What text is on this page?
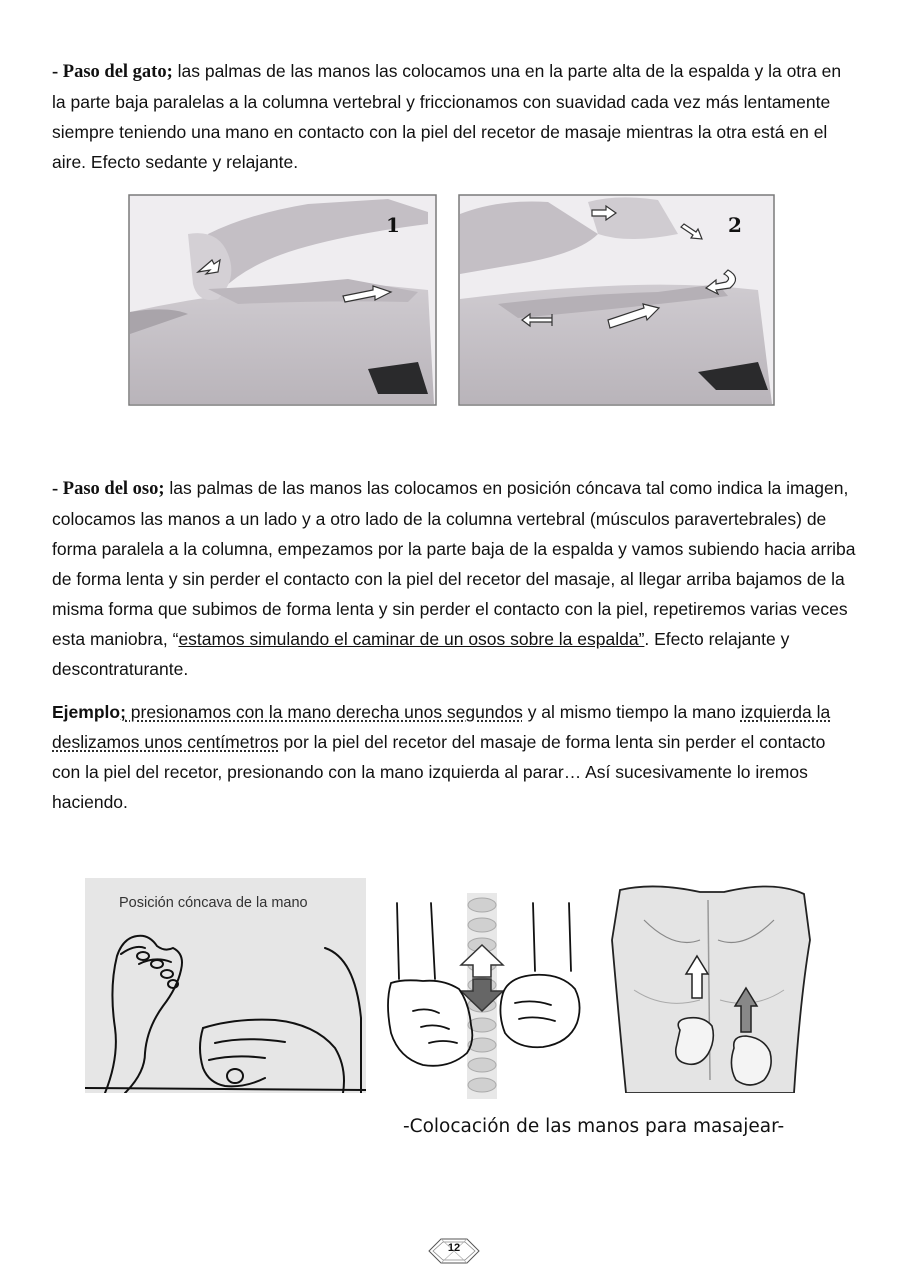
- Paso del gato; las palmas de las manos las colocamos una en la parte alta de la espalda y la otra en la parte baja paralelas a la columna vertebral y friccionamos con suavidad cada vez más lentamente siempre teniendo una mano en contacto con la piel del recetor de masaje mientras la otra está en el aire. Efecto sedante y relajante.

1	2

- Paso del oso; las palmas de las manos las colocamos en posición cóncava tal como indica la imagen, colocamos las manos a un lado y a otro lado de la columna vertebral (músculos paravertebrales) de forma paralela a la columna, empezamos por la parte baja de la espalda y vamos subiendo hacia arriba de forma lenta y sin perder el contacto con la piel del recetor del masaje, al llegar arriba bajamos de la misma forma que subimos de forma lenta y sin perder el contacto con la piel, repetiremos varias veces esta maniobra, “estamos simulando el caminar de un osos sobre la espalda”. Efecto relajante y descontraturante.

Ejemplo; presionamos con la mano derecha unos segundos y al mismo tiempo la mano izquierda la deslizamos unos centímetros por la piel del recetor del masaje de forma lenta sin perder el contacto con la piel del recetor, presionando con la mano izquierda al parar… Así sucesivamente lo iremos haciendo.

Posición cóncava de la mano
-Colocación de las manos para masajear-
12
